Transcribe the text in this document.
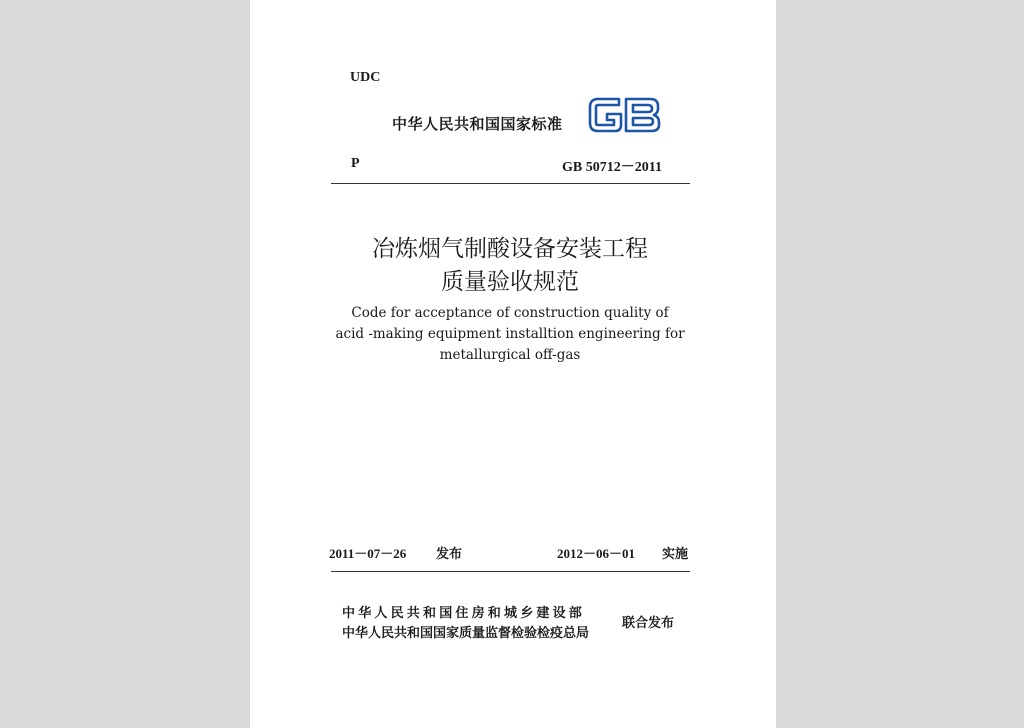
UDC
中华人民共和国国家标准
GB
P	GB 50712－2011
冶炼烟气制酸设备安装工程
质量验收规范
Code for acceptance of construction quality of
acid -making equipment installtion engineering for
metallurgical off-gas
2011－07－26 发布	2012－06－01 实施
中华人民共和国住房和城乡建设部
中华人民共和国国家质量监督检验检疫总局
联合发布
